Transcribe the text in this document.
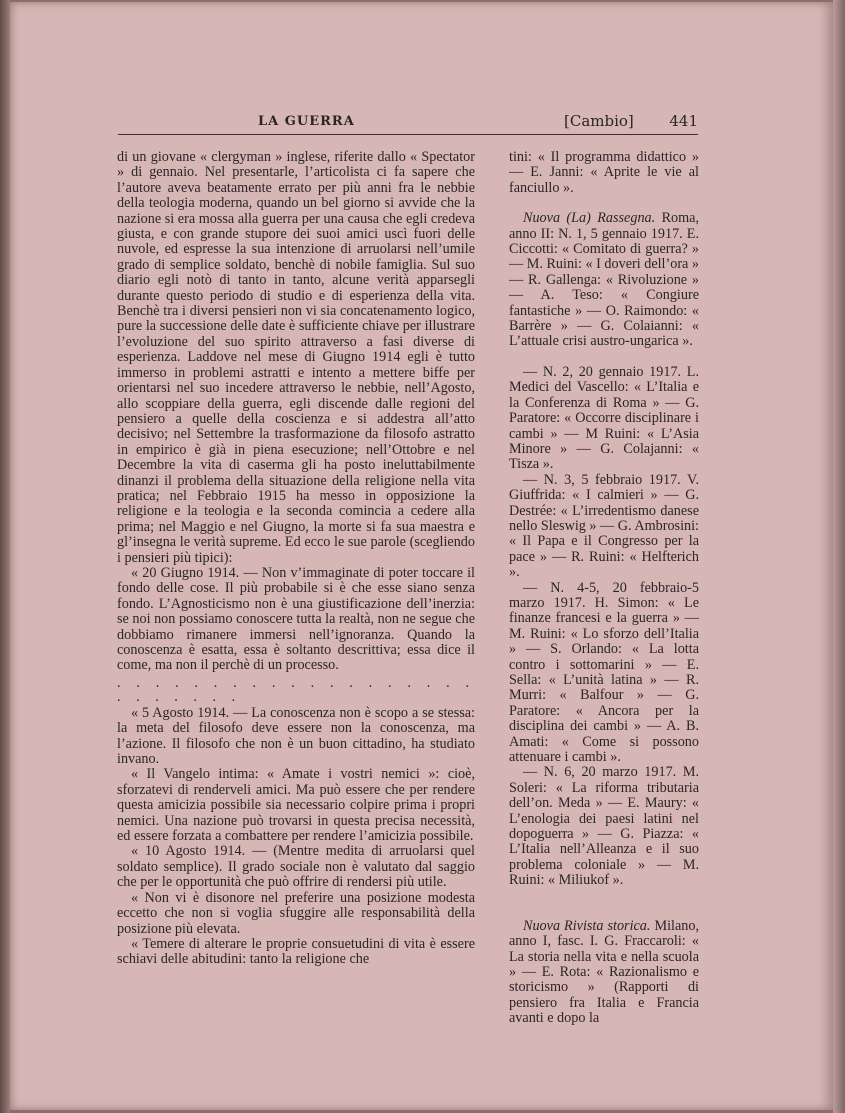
LA GUERRA	[Cambio] 441

di un giovane « clergyman » inglese, riferite dallo « Spectator » di gennaio. Nel presentarle, l’articolista ci fa sapere che l’autore aveva beatamente errato per più anni fra le nebbie della teologia moderna, quando un bel giorno si avvide che la nazione si era mossa alla guerra per una causa che egli credeva giusta, e con grande stupore dei suoi amici uscì fuori delle nuvole, ed espresse la sua intenzione di arruolarsi nell’umile grado di semplice soldato, benchè di nobile famiglia. Sul suo diario egli notò di tanto in tanto, alcune verità apparsegli durante questo periodo di studio e di esperienza della vita. Benchè tra i diversi pensieri non vi sia concatenamento logico, pure la successione delle date è sufficiente chiave per illustrare l’evoluzione del suo spirito attraverso a fasi diverse di esperienza. Laddove nel mese di Giugno 1914 egli è tutto immerso in problemi astratti e intento a mettere biffe per orientarsi nel suo incedere attraverso le nebbie, nell’Agosto, allo scoppiare della guerra, egli discende dalle regioni del pensiero a quelle della coscienza e si addestra all’atto decisivo; nel Settembre la trasformazione da filosofo astratto in empirico è già in piena esecuzione; nell’Ottobre e nel Decembre la vita di caserma gli ha posto ineluttabilmente dinanzi il problema della situazione della religione nella vita pratica; nel Febbraio 1915 ha messo in opposizione la religione e la teologia e la seconda comincia a cedere alla prima; nel Maggio e nel Giugno, la morte si fa sua maestra e gl’insegna le verità supreme. Ed ecco le sue parole (scegliendo i pensieri più tipici):

« 20 Giugno 1914. — Non v’immaginate di poter toccare il fondo delle cose. Il più probabile si è che esse siano senza fondo. L’Agnosticismo non è una giustificazione dell’inerzia: se noi non possiamo conoscere tutta la realtà, non ne segue che dobbiamo rimanere immersi nell’ignoranza. Quando la conoscenza è esatta, essa è soltanto descrittiva; essa dice il come, ma non il perchè di un processo.

. . . . . . . . . . . . . . . . . . . . . . . . . .

« 5 Agosto 1914. — La conoscenza non è scopo a se stessa: la meta del filosofo deve essere non la conoscenza, ma l’azione. Il filosofo che non è un buon cittadino, ha studiato invano.

« Il Vangelo intima: « Amate i vostri nemici »: cioè, sforzatevi di renderveli amici. Ma può essere che per rendere questa amicizia possibile sia necessario colpire prima i propri nemici. Una nazione può trovarsi in questa precisa necessità, ed essere forzata a combattere per rendere l’amicizia possibile.

« 10 Agosto 1914. — (Mentre medita di arruolarsi quel soldato semplice). Il grado sociale non è valutato dal saggio che per le opportunità che può offrire di rendersi più utile.

« Non vi è disonore nel preferire una posizione modesta eccetto che non si voglia sfuggire alle responsabilità della posizione più elevata.

« Temere di alterare le proprie consuetudini di vita è essere schiavi delle abitudini: tanto la religione che

tini: « Il programma didattico » — E. Janni: « Aprite le vie al fanciullo ».

Nuova (La) Rassegna. Roma, anno II: N. 1, 5 gennaio 1917. E. Ciccotti: « Comitato di guerra? » — M. Ruini: « I doveri dell’ora » — R. Gallenga: « Rivoluzione » — A. Teso: « Congiure fantastiche » — O. Raimondo: « Barrère » — G. Colaianni: « L’attuale crisi austro-ungarica ».

— N. 2, 20 gennaio 1917. L. Medici del Vascello: « L’Italia e la Conferenza di Roma » — G. Paratore: « Occorre disciplinare i cambi » — M Ruini: « L’Asia Minore » — G. Colajanni: « Tisza ».

— N. 3, 5 febbraio 1917. V. Giuffrida: « I calmieri » — G. Destrée: « L’irredentismo danese nello Sleswig » — G. Ambrosini: « Il Papa e il Congresso per la pace » — R. Ruini: « Helfterich ».

— N. 4-5, 20 febbraio-5 marzo 1917. H. Simon: « Le finanze francesi e la guerra » — M. Ruini: « Lo sforzo dell’Italia » — S. Orlando: « La lotta contro i sottomarini » — E. Sella: « L’unità latina » — R. Murri: « Balfour » — G. Paratore: « Ancora per la disciplina dei cambi » — A. B. Amati: « Come si possono attenuare i cambi ».

— N. 6, 20 marzo 1917. M. Soleri: « La riforma tributaria dell’on. Meda » — E. Maury: « L’enologia dei paesi latini nel dopoguerra » — G. Piazza: « L’Italia nell’Alleanza e il suo problema coloniale » — M. Ruini: « Miliukof ».

Nuova Rivista storica. Milano, anno I, fasc. I. G. Fraccaroli: « La storia nella vita e nella scuola » — E. Rota: « Razionalismo e storicismo » (Rapporti di pensiero fra Italia e Francia avanti e dopo la
